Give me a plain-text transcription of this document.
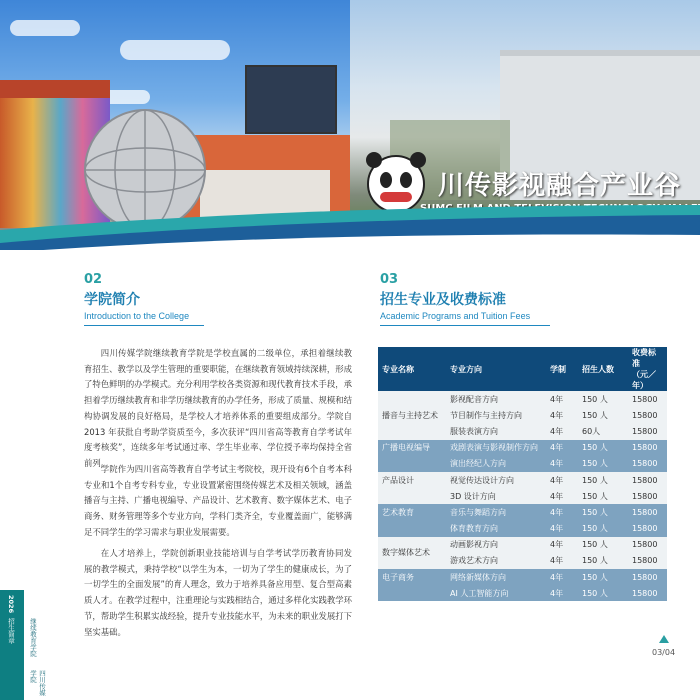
川传影视融合产业谷
02
学院简介
Introduction to the College

四川传媒学院继续教育学院是学校直属的二级单位，承担着继续教育招生、教学以及学生管理的重要职能，在继续教育领域持续深耕，形成了特色鲜明的办学模式。充分利用学校各类资源和现代教育技术手段，承担着学历继续教育和非学历继续教育的办学任务，形成了质量、规模和结构协调发展的良好格局，是学校人才培养体系的重要组成部分。学院自2013 年获批自考助学资质至今，多次获评“四川省高等教育自学考试年度考核奖”，连续多年考试通过率、学生毕业率、学位授予率均保持全省前列。

学院作为四川省高等教育自学考试主考院校，现开设有6个自考本科专业和1个自考专科专业，专业设置紧密围绕传媒艺术及相关领域，涵盖播音与主持、广播电视编导、产品设计、艺术教育、数字媒体艺术、电子商务、财务管理等多个专业方向，学科门类齐全，专业覆盖面广，能够满足不同学生的学习需求与职业发展需要。

在人才培养上，学院创新职业技能培训与自学考试学历教育协同发展的教学模式，秉持学校“以学生为本，一切为了学生的健康成长，为了一切学生的全面发展”的育人理念，致力于培养具备应用型、复合型高素质人才。在教学过程中，注重理论与实践相结合，通过多样化实践教学环节，帮助学生积累实战经验，提升专业技能水平，为未来的职业发展打下坚实基础。

03
招生专业及收费标准
Academic Programs and Tuition Fees
专业名称	专业方向	学制	招生人数	收费标准
（元／年）

播音与主持艺术	影视配音方向	4年	150 人	15800
	节目制作与主持方向	4年	150 人	15800
	服装表演方向	4年	60人	15800
广播电视编导	戏剧表演与影视制作方向	4年	150 人	15800
	演出经纪人方向	4年	150 人	15800
产品设计	视觉传达设计方向	4年	150 人	15800
	3D 设计方向	4年	150 人	15800
艺术教育	音乐与舞蹈方向	4年	150 人	15800
	体育教育方向	4年	150 人	15800
数字媒体艺术	动画影视方向	4年	150 人	15800
	游戏艺术方向	4年	150 人	15800
电子商务	网络新媒体方向	4年	150 人	15800
	AI 人工智能方向	4年	150 人	15800
2026
招生简章 继续教育学院
四川传媒学院
03/04
